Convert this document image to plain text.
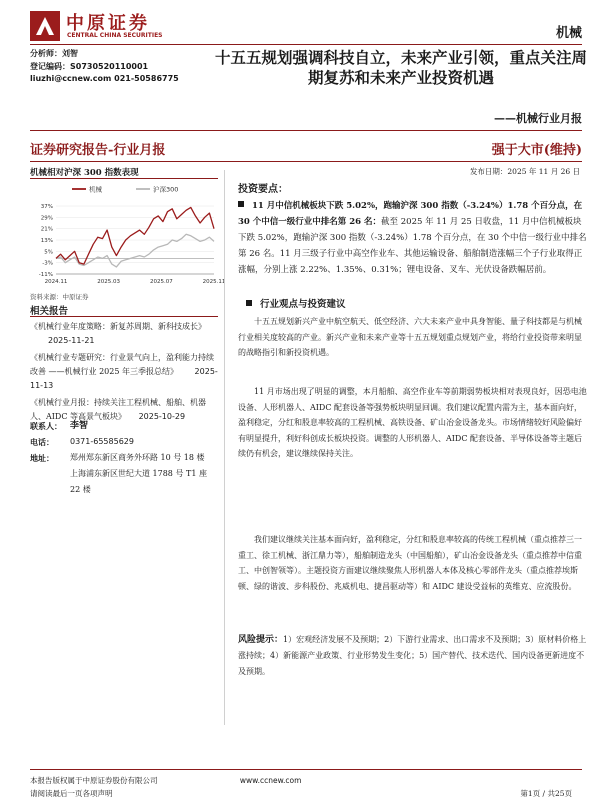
中原证券
CENTRAL CHINA SECURITIES	机械
分析师：刘智
登记编码：S0730520110001
liuzhi@ccnew.com 021-50586775
十五五规划强调科技自立，未来产业引领，重点关注周期复苏和未来产业投资机遇
——机械行业月报
证券研究报告-行业月报	强于大市(维持)
机械相对沪深 300 指数表现	发布日期：2025 年 11 月 26 日
机械	沪深300
37%
29%
21%
13%
5%
-3%
-11%
2024.11	2025.03	2025.07	2025.11
资料来源：中原证券
相关报告

《机械行业年度策略：新复苏周期、新科技成长》 2025-11-21

《机械行业专题研究：行业景气向上，盈利能力持续改善 ——机械行业 2025 年三季报总结》 2025-11-13

《机械行业月报：持续关注工程机械、船舶、机器人、AIDC 等高景气板块》 2025-10-29

联系人： 李智
电话： 0371-65585629
地址： 郑州郑东新区商务外环路 10 号 18 楼
上海浦东新区世纪大道 1788 号 T1 座 22 楼
投资要点：
11 月中信机械板块下跌 5.02%，跑输沪深 300 指数（-3.24%）1.78 个百分点，在 30 个中信一级行业中排名第 26 名：截至 2025 年 11 月 25 日收盘，11 月中信机械板块下跌 5.02%，跑输沪深 300 指数（-3.24%）1.78 个百分点，在 30 个中信一级行业中排名第 26 名。11 月三级子行业中高空作业车、其他运输设备、船舶制造涨幅三个子行业取得正涨幅，分别上涨 2.22%、1.35%、0.31%；锂电设备、叉车、光伏设备跌幅居前。
行业观点与投资建议
十五五规划新兴产业中航空航天、低空经济、六大未来产业中具身智能、量子科技都是与机械行业相关度较高的产业。新兴产业和未来产业等十五五规划重点规划产业，将给行业投资带来明显的战略指引和新投资机遇。
11 月市场出现了明显的调整，本月船舶、高空作业车等前期弱势板块相对表现良好，因恐电池设备、人形机器人、AIDC 配套设备等强势板块明显回调。我们建议配置内需为主，基本面向好，盈利稳定，分红和股息率较高的工程机械、高铁设备、矿山冶金设备龙头。市场情绪较好风险偏好有明显提升，利好科创成长板块投资。调整的人形机器人、AIDC 配套设备、半导体设备等主题后续仍有机会，建议继续保持关注。
我们建议继续关注基本面向好，盈利稳定，分红和股息率较高的传统工程机械（重点推荐三一重工、徐工机械、浙江鼎力等），船舶制造龙头（中国船舶），矿山冶金设备龙头（重点推荐中信重工、中创智领等）。主题投资方面建议继续聚焦人形机器人本体及核心零部件龙头（重点推荐埃斯顿、绿的谐波、步科股份、兆威机电、捷昌驱动等）和 AIDC 建设受益标的英维克、应流股份。
风险提示：1）宏观经济发展不及预期；2）下游行业需求、出口需求不及预期；3）原材料价格上涨持续；4）新能源产业政策、行业形势发生变化；5）国产替代、技术迭代、国内设备更新进度不及预期。
本报告版权属于中原证券股份有限公司	www.ccnew.com
请阅读最后一页各项声明	第1页 / 共25页
